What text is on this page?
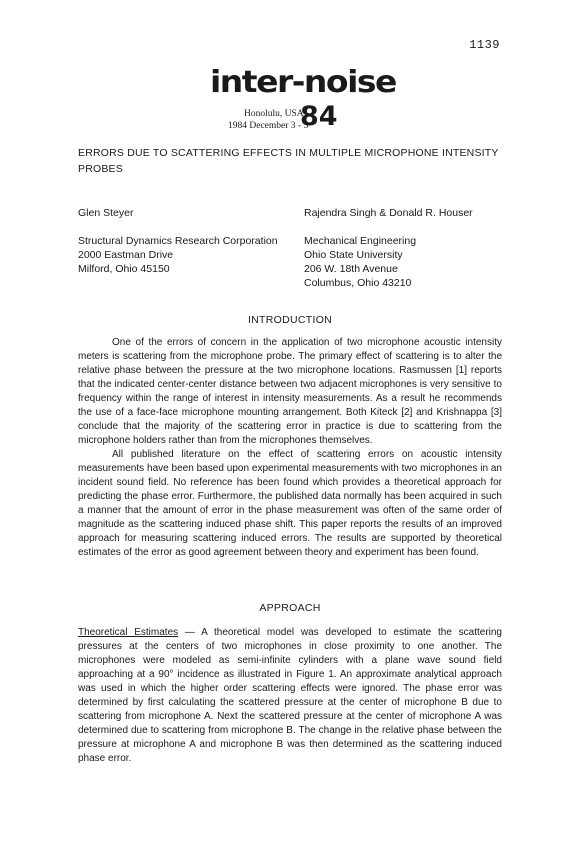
1139
inter-noise
Honolulu, USA
1984 December 3 - 5
84
ERRORS DUE TO SCATTERING EFFECTS IN MULTIPLE MICROPHONE INTENSITY PROBES
Glen Steyer	Rajendra Singh & Donald R. Houser
Structural Dynamics Research Corporation
2000 Eastman Drive
Milford, Ohio 45150
Mechanical Engineering
Ohio State University
206 W. 18th Avenue
Columbus, Ohio 43210
INTRODUCTION

One of the errors of concern in the application of two microphone acoustic intensity meters is scattering from the microphone probe. The primary effect of scattering is to alter the relative phase between the pressure at the two microphone locations. Rasmussen [1] reports that the indicated center-center distance between two adjacent microphones is very sensitive to frequency within the range of interest in intensity measurements. As a result he recommends the use of a face-face microphone mounting arrangement. Both Kiteck [2] and Krishnappa [3] conclude that the majority of the scattering error in practice is due to scattering from the microphone holders rather than from the microphones themselves.

All published literature on the effect of scattering errors on acoustic intensity measurements have been based upon experimental measurements with two microphones in an incident sound field. No reference has been found which provides a theoretical approach for predicting the phase error. Furthermore, the published data normally has been acquired in such a manner that the amount of error in the phase measurement was often of the same order of magnitude as the scattering induced phase shift. This paper reports the results of an improved approach for measuring scattering induced errors. The results are supported by theoretical estimates of the error as good agreement between theory and experiment has been found.

APPROACH

Theoretical Estimates — A theoretical model was developed to estimate the scattering pressures at the centers of two microphones in close proximity to one another. The microphones were modeled as semi-infinite cylinders with a plane wave sound field approaching at a 90° incidence as illustrated in Figure 1. An approximate analytical approach was used in which the higher order scattering effects were ignored. The phase error was determined by first calculating the scattered pressure at the center of microphone B due to scattering from microphone A. Next the scattered pressure at the center of microphone A was determined due to scattering from microphone B. The change in the relative phase between the pressure at microphone A and microphone B was then determined as the scattering induced phase error.
